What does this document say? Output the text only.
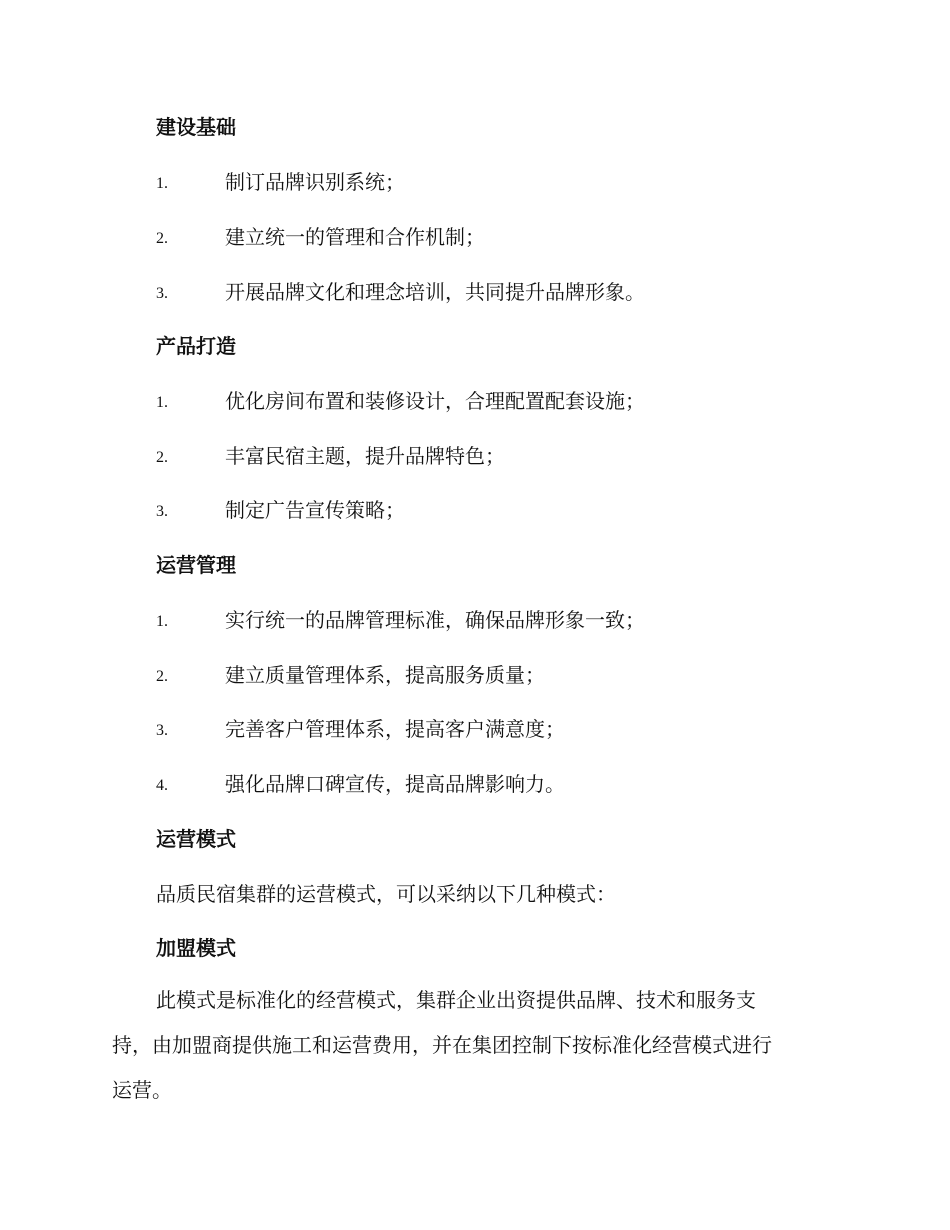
建设基础
1.	制订品牌识别系统；
2.	建立统一的管理和合作机制；
3.	开展品牌文化和理念培训，共同提升品牌形象。
产品打造
1.	优化房间布置和装修设计，合理配置配套设施；
2.	丰富民宿主题，提升品牌特色；
3.	制定广告宣传策略；
运营管理
1.	实行统一的品牌管理标准，确保品牌形象一致；
2.	建立质量管理体系，提高服务质量；
3.	完善客户管理体系，提高客户满意度；
4.	强化品牌口碑宣传，提高品牌影响力。
运营模式
品质民宿集群的运营模式，可以采纳以下几种模式：
加盟模式
此模式是标准化的经营模式，集群企业出资提供品牌、技术和服务支
持，由加盟商提供施工和运营费用，并在集团控制下按标准化经营模式进行
运营。
